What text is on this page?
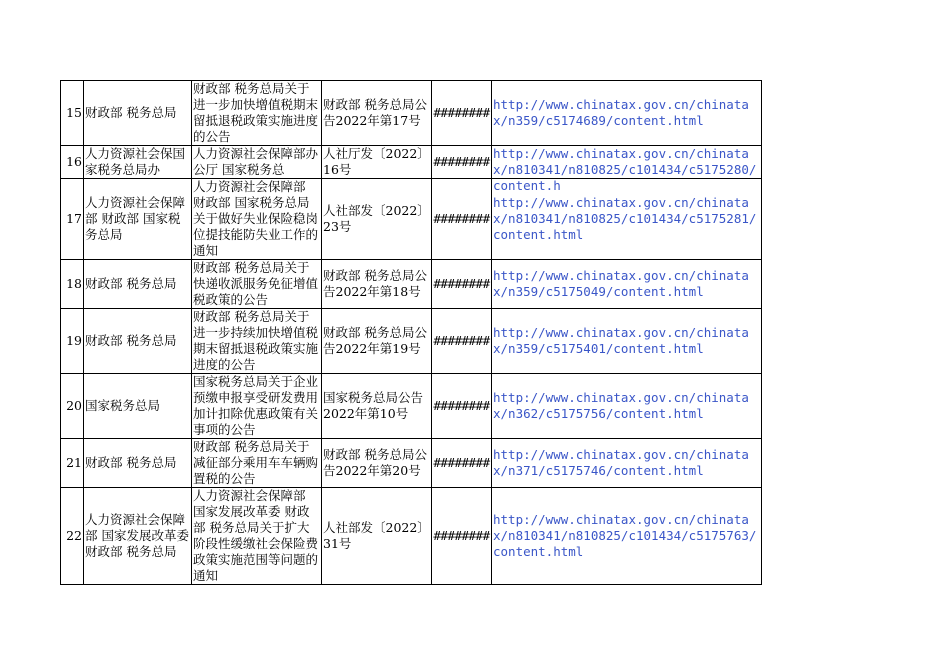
15	财政部 税务总局	财政部 税务总局关于进一步加快增值税期末留抵退税政策实施进度的公告	财政部 税务总局公告2022年第17号	########	http://www.chinatax.gov.cn/chinatax/n359/c5174689/content.html
16	人力资源社会保国家税务总局办	人力资源社会保障部办公厅 国家税务总	人社厅发〔2022〕16号	########	http://www.chinatax.gov.cn/chinatax/n810341/n810825/c101434/c5175280/content.h

17	人力资源社会保障部 财政部 国家税务总局	人力资源社会保障部 财政部 国家税务总局关于做好失业保险稳岗位提技能防失业工作的通知	人社部发〔2022〕23号	########	http://www.chinatax.gov.cn/chinatax/n810341/n810825/c101434/c5175281/content.html
18	财政部 税务总局	财政部 税务总局关于快递收派服务免征增值税政策的公告	财政部 税务总局公告2022年第18号	########	http://www.chinatax.gov.cn/chinatax/n359/c5175049/content.html
19	财政部 税务总局	财政部 税务总局关于进一步持续加快增值税期末留抵退税政策实施进度的公告	财政部 税务总局公告2022年第19号	########	http://www.chinatax.gov.cn/chinatax/n359/c5175401/content.html
20	国家税务总局	国家税务总局关于企业预缴申报享受研发费用加计扣除优惠政策有关事项的公告	国家税务总局公告2022年第10号	########	http://www.chinatax.gov.cn/chinatax/n362/c5175756/content.html
21	财政部 税务总局	财政部 税务总局关于减征部分乘用车车辆购置税的公告	财政部 税务总局公告2022年第20号	########	http://www.chinatax.gov.cn/chinatax/n371/c5175746/content.html
22	人力资源社会保障部 国家发展改革委 财政部 税务总局	人力资源社会保障部 国家发展改革委 财政部 税务总局关于扩大阶段性缓缴社会保险费政策实施范围等问题的通知	人社部发〔2022〕31号	########	http://www.chinatax.gov.cn/chinatax/n810341/n810825/c101434/c5175763/content.html
